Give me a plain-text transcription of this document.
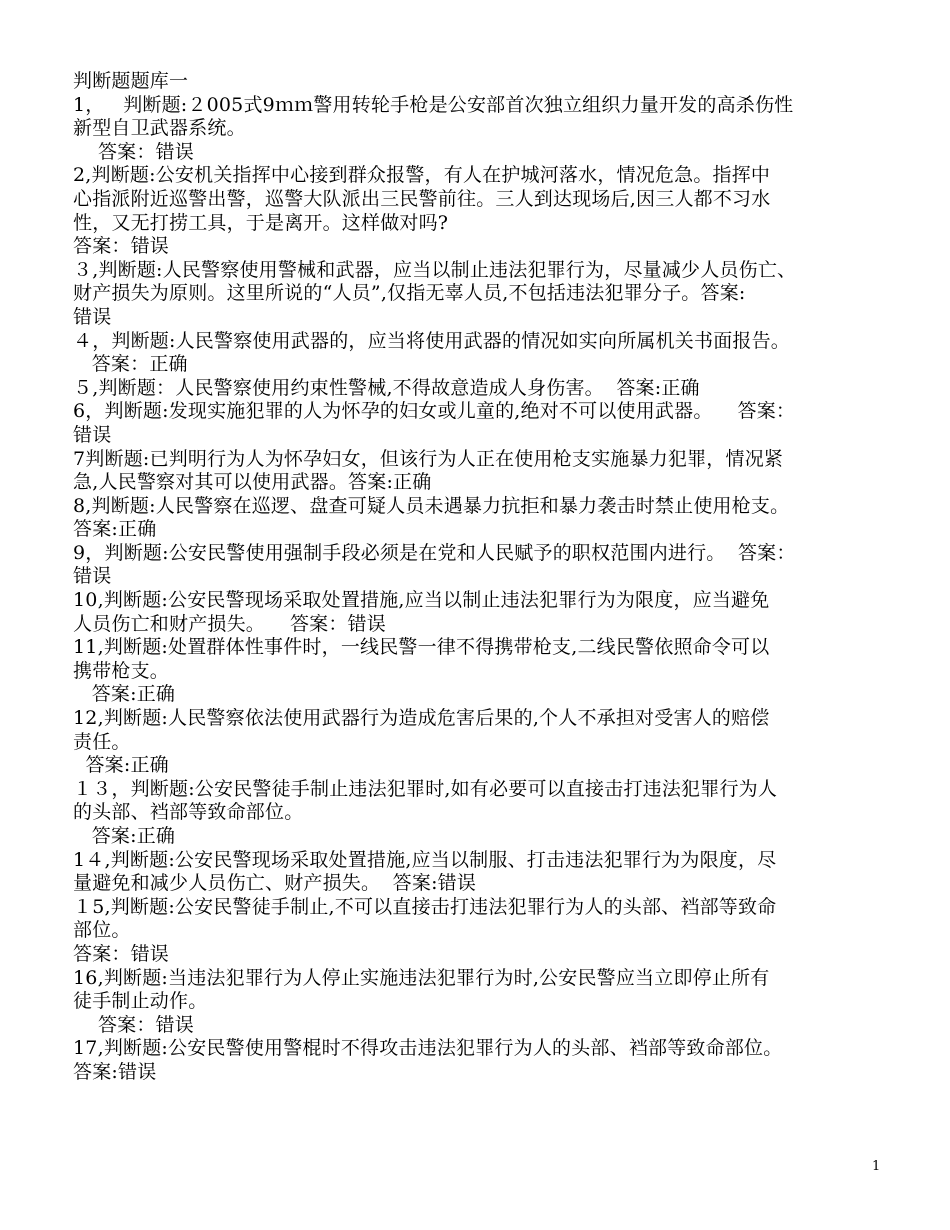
判断题题库一
1，   判断题:２005式9ｍｍ警用转轮手枪是公安部首次独立组织力量开发的高杀伤性
新型自卫武器系统。
答案：错误
2,判断题:公安机关指挥中心接到群众报警，有人在护城河落水，情况危急。指挥中
心指派附近巡警出警，巡警大队派出三民警前往。三人到达现场后,因三人都不习水
性，又无打捞工具，于是离开。这样做对吗?
答案：错误
３,判断题:人民警察使用警械和武器，应当以制止违法犯罪行为，尽量减少人员伤亡、
财产损失为原则。这里所说的“人员”,仅指无辜人员,不包括违法犯罪分子。答案:
错误
４，判断题:人民警察使用武器的，应当将使用武器的情况如实向所属机关书面报告。
答案：正确
５,判断题：人民警察使用约束性警械,不得故意造成人身伤害。  答案:正确
6，判断题:发现实施犯罪的人为怀孕的妇女或儿童的,绝对不可以使用武器。    答案：
错误
7判断题:已判明行为人为怀孕妇女，但该行为人正在使用枪支实施暴力犯罪，情况紧
急,人民警察对其可以使用武器。答案:正确
8,判断题:人民警察在巡逻、盘查可疑人员未遇暴力抗拒和暴力袭击时禁止使用枪支。
答案:正确
9，判断题:公安民警使用强制手段必须是在党和人民赋予的职权范围内进行。  答案：
错误
10,判断题:公安民警现场采取处置措施,应当以制止违法犯罪行为为限度，应当避免
人员伤亡和财产损失。    答案：错误
11,判断题:处置群体性事件时，一线民警一律不得携带枪支,二线民警依照命令可以
携带枪支。
答案:正确
12,判断题:人民警察依法使用武器行为造成危害后果的,个人不承担对受害人的赔偿
责任。
答案:正确
１３，判断题:公安民警徒手制止违法犯罪时,如有必要可以直接击打违法犯罪行为人
的头部、裆部等致命部位。
答案:正确
1４,判断题:公安民警现场采取处置措施,应当以制服、打击违法犯罪行为为限度，尽
量避免和减少人员伤亡、财产损失。  答案:错误
１5,判断题:公安民警徒手制止,不可以直接击打违法犯罪行为人的头部、裆部等致命
部位。
答案：错误
16,判断题:当违法犯罪行为人停止实施违法犯罪行为时,公安民警应当立即停止所有
徒手制止动作。
答案：错误
17,判断题:公安民警使用警棍时不得攻击违法犯罪行为人的头部、裆部等致命部位。
答案:错误
1
